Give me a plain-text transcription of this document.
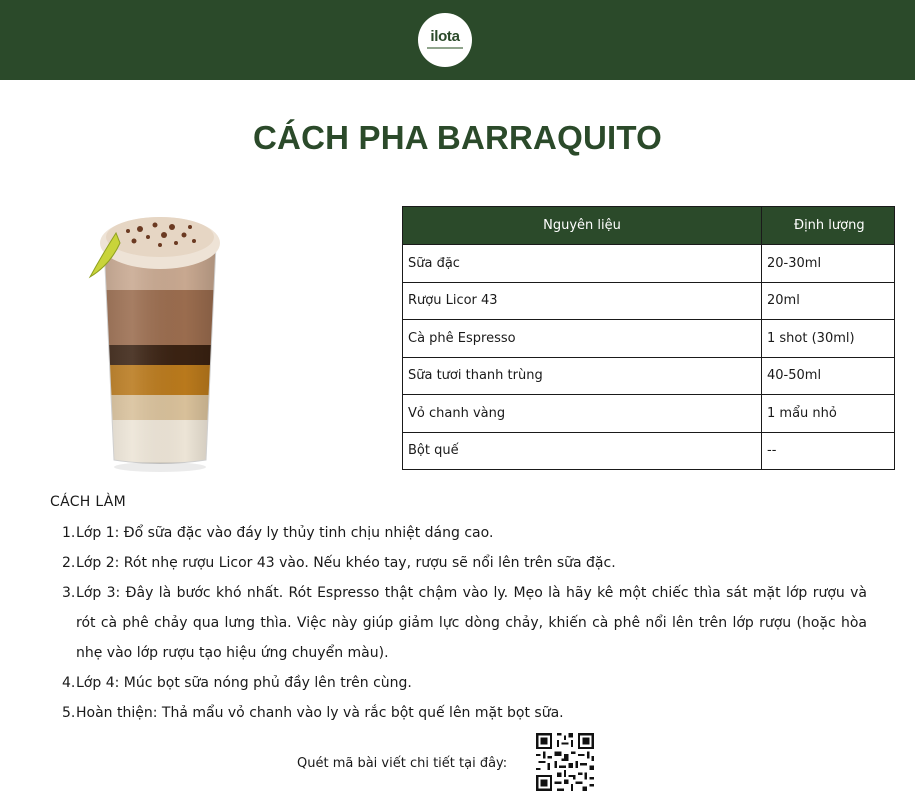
ilota
CÁCH PHA BARRAQUITO
Nguyên liệu	Định lượng
Sữa đặc	20-30ml
Rượu Licor 43	20ml
Cà phê Espresso	1 shot (30ml)
Sữa tươi thanh trùng	40-50ml
Vỏ chanh vàng	1 mẩu nhỏ
Bột quế	--
CÁCH LÀM
1. Lớp 1: Đổ sữa đặc vào đáy ly thủy tinh chịu nhiệt dáng cao.
2. Lớp 2: Rót nhẹ rượu Licor 43 vào. Nếu khéo tay, rượu sẽ nổi lên trên sữa đặc.
3. Lớp 3: Đây là bước khó nhất. Rót Espresso thật chậm vào ly. Mẹo là hãy kê một chiếc thìa sát mặt lớp rượu và rót cà phê chảy qua lưng thìa. Việc này giúp giảm lực dòng chảy, khiến cà phê nổi lên trên lớp rượu (hoặc hòa nhẹ vào lớp rượu tạo hiệu ứng chuyển màu).
4. Lớp 4: Múc bọt sữa nóng phủ đầy lên trên cùng.
5. Hoàn thiện: Thả mẩu vỏ chanh vào ly và rắc bột quế lên mặt bọt sữa.
Quét mã bài viết chi tiết tại đây:
